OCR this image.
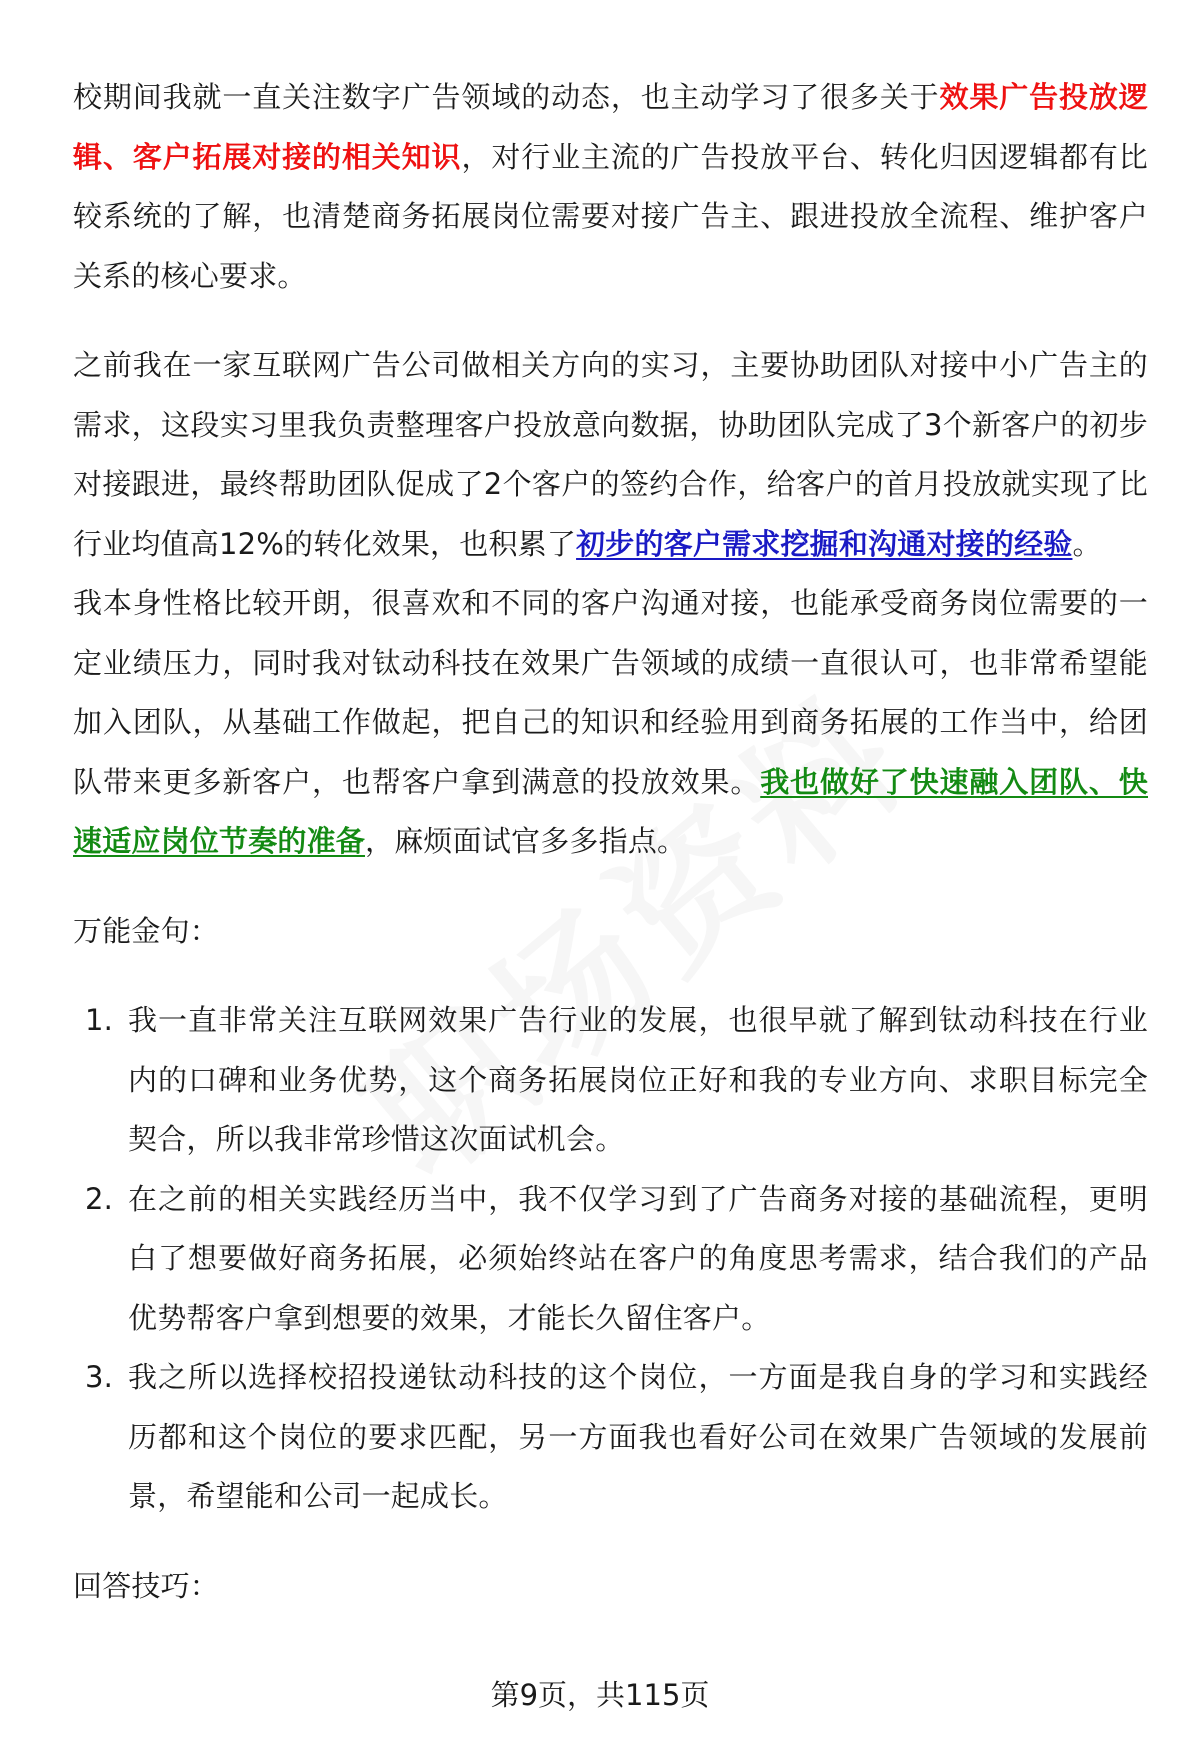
校期间我就一直关注数字广告领域的动态，也主动学习了很多关于效果广告投放逻辑、客户拓展对接的相关知识，对行业主流的广告投放平台、转化归因逻辑都有比较系统的了解，也清楚商务拓展岗位需要对接广告主、跟进投放全流程、维护客户关系的核心要求。

之前我在一家互联网广告公司做相关方向的实习，主要协助团队对接中小广告主的需求，这段实习里我负责整理客户投放意向数据，协助团队完成了3个新客户的初步对接跟进，最终帮助团队促成了2个客户的签约合作，给客户的首月投放就实现了比行业均值高12%的转化效果，也积累了初步的客户需求挖掘和沟通对接的经验。

我本身性格比较开朗，很喜欢和不同的客户沟通对接，也能承受商务岗位需要的一定业绩压力，同时我对钛动科技在效果广告领域的成绩一直很认可，也非常希望能加入团队，从基础工作做起，把自己的知识和经验用到商务拓展的工作当中，给团队带来更多新客户，也帮客户拿到满意的投放效果。我也做好了快速融入团队、快速适应岗位节奏的准备，麻烦面试官多多指点。

万能金句：

1. 我一直非常关注互联网效果广告行业的发展，也很早就了解到钛动科技在行业内的口碑和业务优势，这个商务拓展岗位正好和我的专业方向、求职目标完全契合，所以我非常珍惜这次面试机会。
2. 在之前的相关实践经历当中，我不仅学习到了广告商务对接的基础流程，更明白了想要做好商务拓展，必须始终站在客户的角度思考需求，结合我们的产品优势帮客户拿到想要的效果，才能长久留住客户。
3. 我之所以选择校招投递钛动科技的这个岗位，一方面是我自身的学习和实践经历都和这个岗位的要求匹配，另一方面我也看好公司在效果广告领域的发展前景，希望能和公司一起成长。

回答技巧：

第9页，共115页
